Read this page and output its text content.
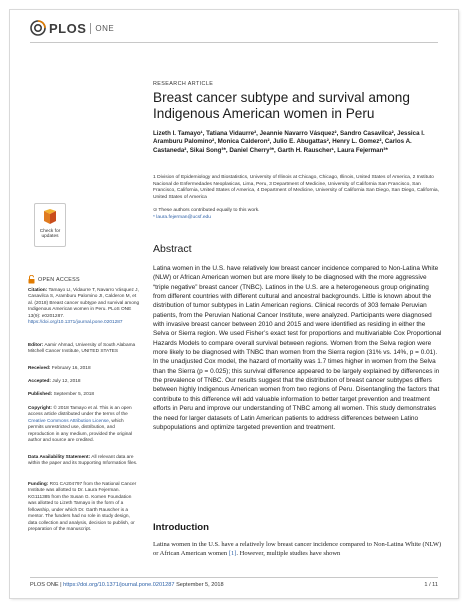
PLOS ONE
Check for updates
OPEN ACCESS

Citation: Tamayo LI, Vidaurre T, Navarro Vásquez J, Casavilca S, Aramburu Palomino JI, Calderon M, et al. (2018) Breast cancer subtype and survival among Indigenous American women in Peru. PLoS ONE 13(9): e0201287. https://doi.org/10.1371/journal.pone.0201287

Editor: Aamir Ahmad, University of South Alabama Mitchell Cancer Institute, UNITED STATES

Received: February 16, 2018

Accepted: July 12, 2018

Published: September 5, 2018

Copyright: © 2018 Tamayo et al. This is an open access article distributed under the terms of the Creative Commons Attribution License, which permits unrestricted use, distribution, and reproduction in any medium, provided the original author and source are credited.

Data Availability Statement: All relevant data are within the paper and its Supporting Information files.

Funding: R01 CA204797 from the National Cancer Institute was allotted to Dr. Laura Fejerman. KG111385 from the Susan G. Komen Foundation was allotted to Lizeth Tamayo in the form of a fellowship, under which Dr. Garth Rauscher is a mentor. The funders had no role in study design, data collection and analysis, decision to publish, or preparation of the manuscript.

RESEARCH ARTICLE
Breast cancer subtype and survival among Indigenous American women in Peru

Lizeth I. Tamayo¹, Tatiana Vidaurre², Jeannie Navarro Vásquez², Sandro Casavilca², Jessica I. Aramburu Palomino², Monica Calderon², Julio E. Abugattas², Henry L. Gomez², Carlos A. Castaneda², Sikai Song³*, Daniel Cherry³*, Garth H. Rauscher¹, Laura Fejerman³*

1 Division of Epidemiology and Biostatistics, University of Illinois at Chicago, Chicago, Illinois, United States of America, 2 Instituto Nacional de Enfermedades Neoplasicas, Lima, Peru, 3 Department of Medicine, University of California San Francisco, San Francisco, California, United States of America, 4 Department of Medicine, University of California San Diego, San Diego, California, United States of America

⊙ These authors contributed equally to this work.
* laura.fejerman@ucsf.edu

Abstract

Latina women in the U.S. have relatively low breast cancer incidence compared to Non-Latina White (NLW) or African American women but are more likely to be diagnosed with the more aggressive “triple negative” breast cancer (TNBC). Latinos in the U.S. are a heterogeneous group originating from different countries with different cultural and ancestral backgrounds. Little is known about the distribution of tumor subtypes in Latin American regions. Clinical records of 303 female Peruvian patients, from the Peruvian National Cancer Institute, were analyzed. Participants were diagnosed with invasive breast cancer between 2010 and 2015 and were identified as residing in either the Selva or Sierra region. We used Fisher’s exact test for proportions and multivariable Cox Proportional Hazards Models to compare overall survival between regions. Women from the Selva region were more likely to be diagnosed with TNBC than women from the Sierra region (31% vs. 14%, p = 0.01). In the unadjusted Cox model, the hazard of mortality was 1.7 times higher in women from the Selva than the Sierra (p = 0.025); this survival difference appeared to be largely explained by differences in the prevalence of TNBC. Our results suggest that the distribution of breast cancer subtypes differs between highly Indigenous American women from two regions of Peru. Disentangling the factors that contribute to this difference will add valuable information to better target prevention and treatment efforts in Peru and improve our understanding of TNBC among all women. This study demonstrates the need for larger datasets of Latin American patients to address differences between Latino subpopulations and optimize targeted prevention and treatment.

Introduction

Latina women in the U.S. have a relatively low breast cancer incidence compared to Non-Latina White (NLW) or African American women [1]. However, multiple studies have shown

PLOS ONE | https://doi.org/10.1371/journal.pone.0201287 September 5, 2018	1 / 11
